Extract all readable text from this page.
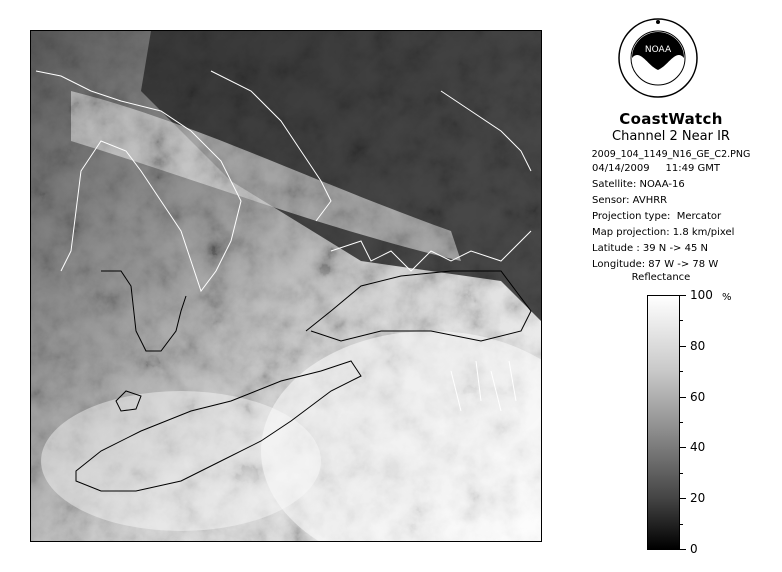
NOAA
CoastWatch
Channel 2 Near IR
2009_104_1149_N16_GE_C2.PNG
04/14/2009     11:49 GMT
Satellite: NOAA-16
Sensor: AVHRR
Projection type:  Mercator
Map projection: 1.8 km/pixel
Latitude : 39 N -> 45 N
Longitude: 87 W -> 78 W
Reflectance
%
100
80
60
40
20
0
